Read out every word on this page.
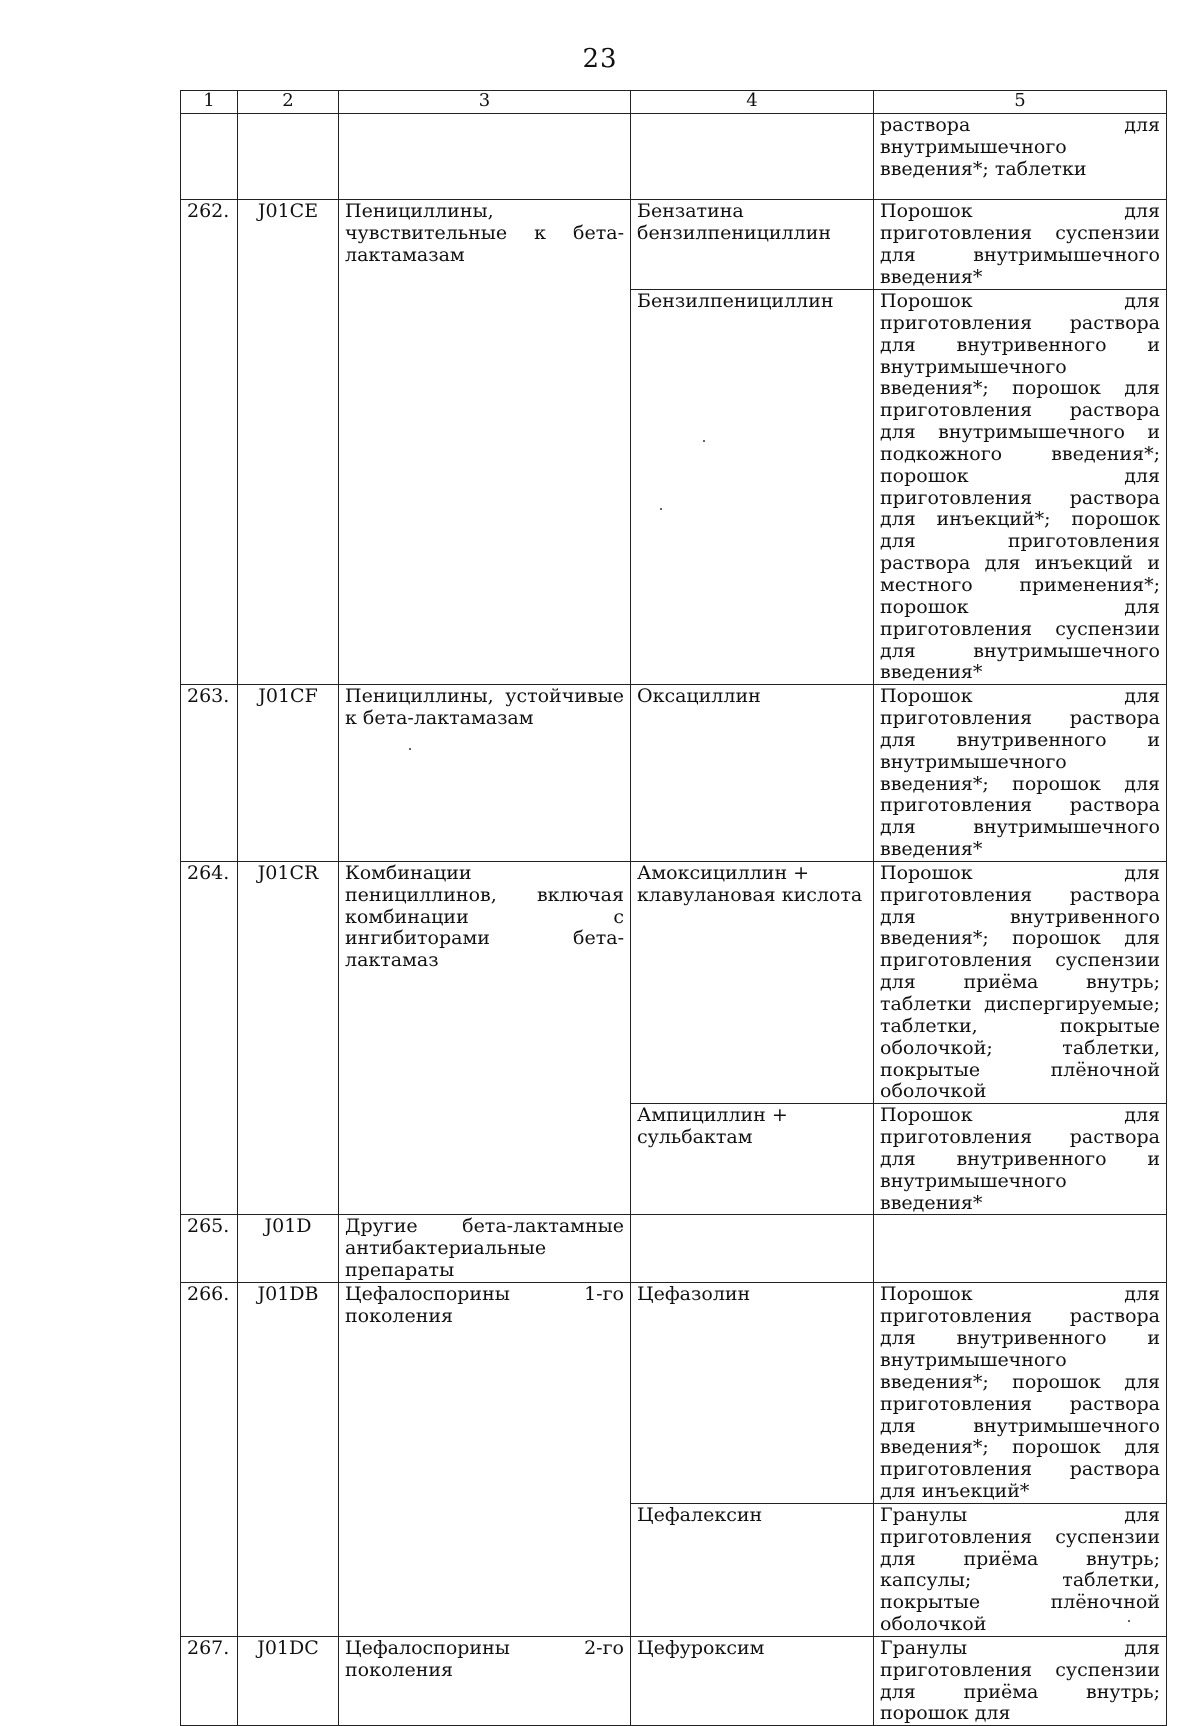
23
1	2	3	4	5
				раствора для внутримышечного введения*; таблетки
262.	J01CE	Пенициллины, чувствительные к бета-лактамазам	Бензатина бензилпенициллин	Порошок для приготовления суспензии для внутримышечного введения*
			Бензилпенициллин	Порошок для приготовления раствора для внутривенного и внутримышечного введения*; порошок для приготовления раствора для внутримышечного и подкожного введения*; порошок для приготовления раствора для инъекций*; порошок для приготовления раствора для инъекций и местного применения*; порошок для приготовления суспензии для внутримышечного введения*
263.	J01CF	Пенициллины, устойчивые к бета-лактамазам	Оксациллин	Порошок для приготовления раствора для внутривенного и внутримышечного введения*; порошок для приготовления раствора для внутримышечного введения*
264.	J01CR	Комбинации пенициллинов, включая комбинации с ингибиторами бета-лактамаз	Амоксициллин + клавулановая кислота	Порошок для приготовления раствора для внутривенного введения*; порошок для приготовления суспензии для приёма внутрь; таблетки диспергируемые; таблетки, покрытые оболочкой; таблетки, покрытые плёночной оболочкой
			Ампициллин + сульбактам	Порошок для приготовления раствора для внутривенного и внутримышечного введения*
265.	J01D	Другие бета-лактамные антибактериальные препараты		
266.	J01DB	Цефалоспорины 1-го поколения	Цефазолин	Порошок для приготовления раствора для внутривенного и внутримышечного введения*; порошок для приготовления раствора для внутримышечного введения*; порошок для приготовления раствора для инъекций*
			Цефалексин	Гранулы для приготовления суспензии для приёма внутрь; капсулы; таблетки, покрытые плёночной оболочкой
267.	J01DC	Цефалоспорины 2-го поколения	Цефуроксим	Гранулы для приготовления суспензии для приёма внутрь; порошок для
